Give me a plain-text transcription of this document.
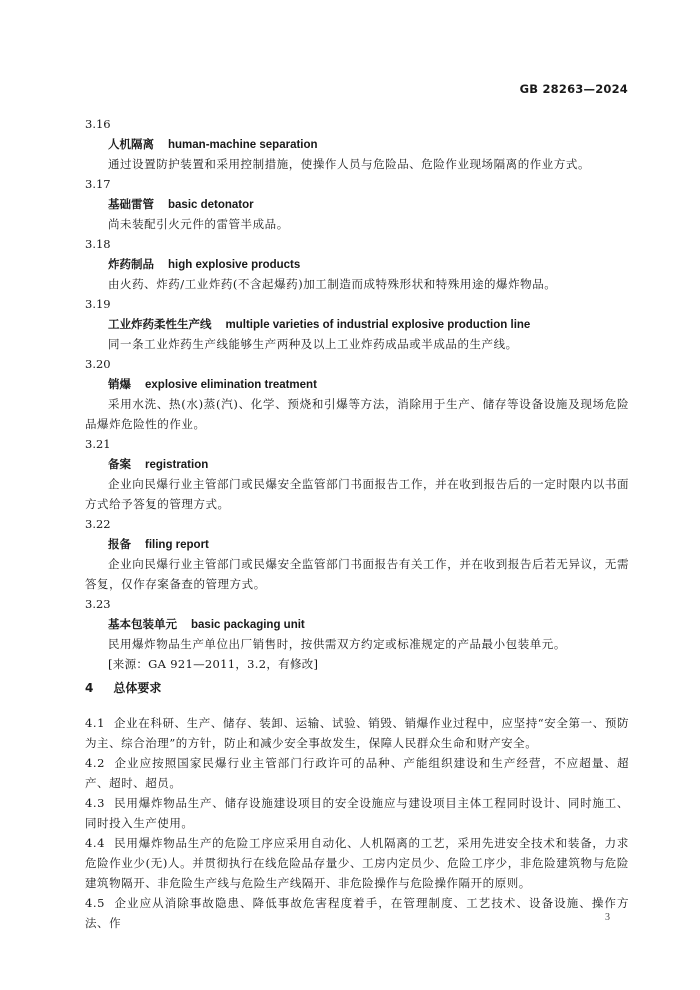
GB 28263—2024
3.16
人机隔离 human-machine separation
通过设置防护装置和采用控制措施，使操作人员与危险品、危险作业现场隔离的作业方式。
3.17
基础雷管 basic detonator
尚未装配引火元件的雷管半成品。
3.18
炸药制品 high explosive products
由火药、炸药/工业炸药(不含起爆药)加工制造而成特殊形状和特殊用途的爆炸物品。
3.19
工业炸药柔性生产线 multiple varieties of industrial explosive production line
同一条工业炸药生产线能够生产两种及以上工业炸药成品或半成品的生产线。
3.20
销爆 explosive elimination treatment
采用水洗、热(水)蒸(汽)、化学、预烧和引爆等方法，消除用于生产、储存等设备设施及现场危险品爆炸危险性的作业。
3.21
备案 registration
企业向民爆行业主管部门或民爆安全监管部门书面报告工作，并在收到报告后的一定时限内以书面方式给予答复的管理方式。
3.22
报备 filing report
企业向民爆行业主管部门或民爆安全监管部门书面报告有关工作，并在收到报告后若无异议，无需答复，仅作存案备查的管理方式。
3.23
基本包装单元 basic packaging unit
民用爆炸物品生产单位出厂销售时，按供需双方约定或标准规定的产品最小包装单元。
[来源：GA 921—2011，3.2，有修改]
4 总体要求
4.1 企业在科研、生产、储存、装卸、运输、试验、销毁、销爆作业过程中，应坚持“安全第一、预防为主、综合治理”的方针，防止和减少安全事故发生，保障人民群众生命和财产安全。
4.2 企业应按照国家民爆行业主管部门行政许可的品种、产能组织建设和生产经营，不应超量、超产、超时、超员。
4.3 民用爆炸物品生产、储存设施建设项目的安全设施应与建设项目主体工程同时设计、同时施工、同时投入生产使用。
4.4 民用爆炸物品生产的危险工序应采用自动化、人机隔离的工艺，采用先进安全技术和装备，力求危险作业少(无)人。并贯彻执行在线危险品存量少、工房内定员少、危险工序少，非危险建筑物与危险建筑物隔开、非危险生产线与危险生产线隔开、非危险操作与危险操作隔开的原则。
4.5 企业应从消除事故隐患、降低事故危害程度着手，在管理制度、工艺技术、设备设施、操作方法、作	3
